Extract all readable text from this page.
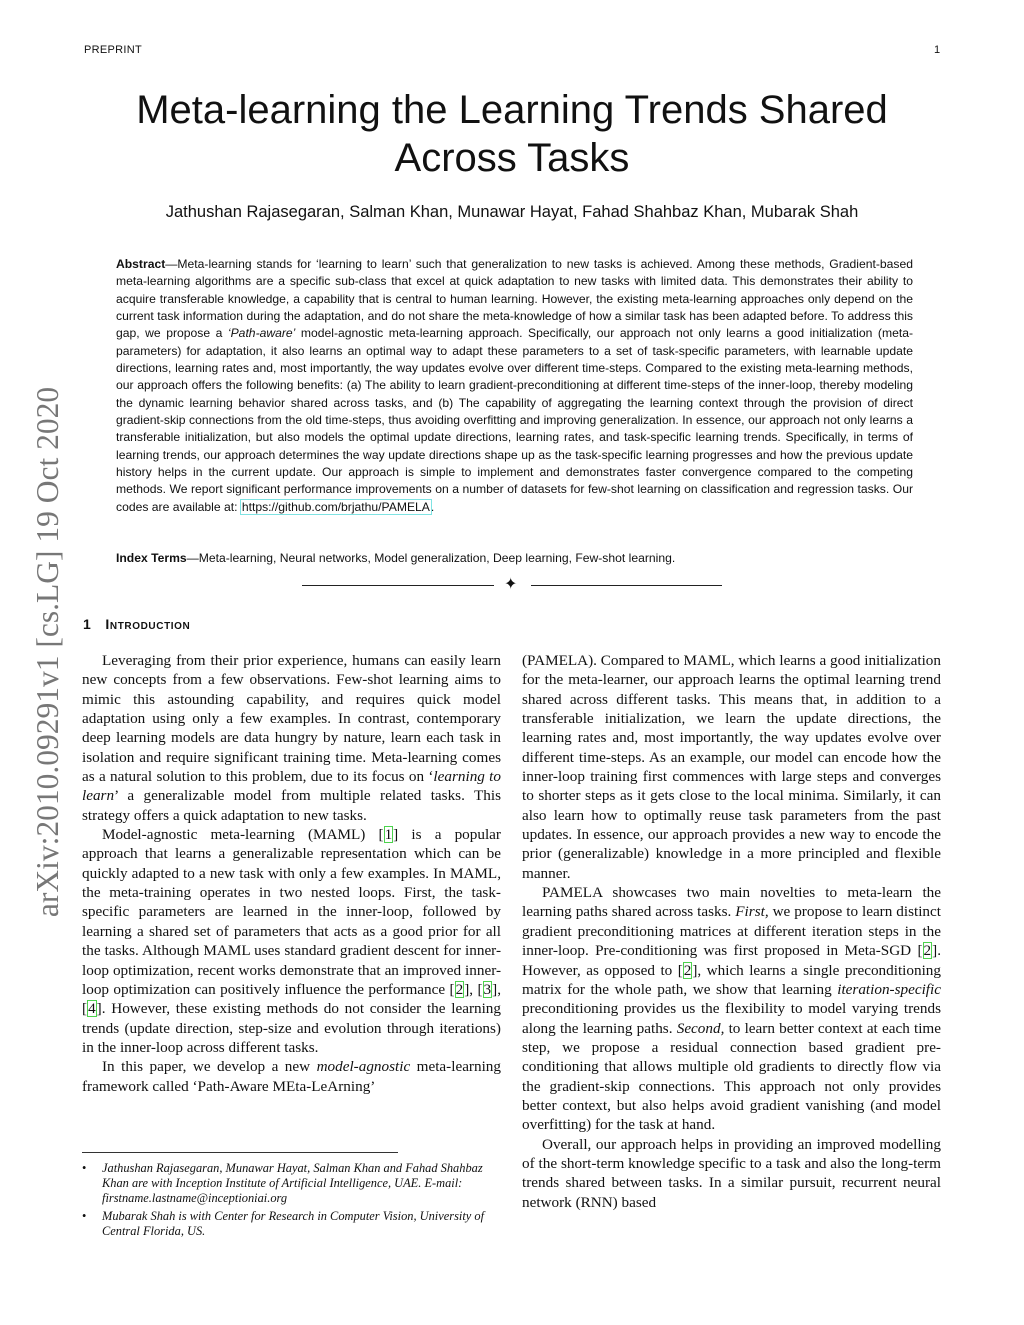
PREPRINT	1
arXiv:2010.09291v1 [cs.LG] 19 Oct 2020
Meta-learning the Learning Trends Shared
Across Tasks
Jathushan Rajasegaran, Salman Khan, Munawar Hayat, Fahad Shahbaz Khan, Mubarak Shah

Abstract—Meta-learning stands for ‘learning to learn’ such that generalization to new tasks is achieved. Among these methods, Gradient-based meta-learning algorithms are a specific sub-class that excel at quick adaptation to new tasks with limited data. This demonstrates their ability to acquire transferable knowledge, a capability that is central to human learning. However, the existing meta-learning approaches only depend on the current task information during the adaptation, and do not share the meta-knowledge of how a similar task has been adapted before. To address this gap, we propose a ‘Path-aware’ model-agnostic meta-learning approach. Specifically, our approach not only learns a good initialization (meta-parameters) for adaptation, it also learns an optimal way to adapt these parameters to a set of task-specific parameters, with learnable update directions, learning rates and, most importantly, the way updates evolve over different time-steps. Compared to the existing meta-learning methods, our approach offers the following benefits: (a) The ability to learn gradient-preconditioning at different time-steps of the inner-loop, thereby modeling the dynamic learning behavior shared across tasks, and (b) The capability of aggregating the learning context through the provision of direct gradient-skip connections from the old time-steps, thus avoiding overfitting and improving generalization. In essence, our approach not only learns a transferable initialization, but also models the optimal update directions, learning rates, and task-specific learning trends. Specifically, in terms of learning trends, our approach determines the way update directions shape up as the task-specific learning progresses and how the previous update history helps in the current update. Our approach is simple to implement and demonstrates faster convergence compared to the competing methods. We report significant performance improvements on a number of datasets for few-shot learning on classification and regression tasks. Our codes are available at: https://github.com/brjathu/PAMELA.

Index Terms—Meta-learning, Neural networks, Model generalization, Deep learning, Few-shot learning.
✦
1 Introduction

Leveraging from their prior experience, humans can easily learn new concepts from a few observations. Few-shot learning aims to mimic this astounding capability, and requires quick model adaptation using only a few examples. In contrast, contemporary deep learning models are data hungry by nature, learn each task in isolation and require significant training time. Meta-learning comes as a natural solution to this problem, due to its focus on ‘learning to learn’ a generalizable model from multiple related tasks. This strategy offers a quick adaptation to new tasks.

Model-agnostic meta-learning (MAML) [1] is a popular approach that learns a generalizable representation which can be quickly adapted to a new task with only a few examples. In MAML, the meta-training operates in two nested loops. First, the task-specific parameters are learned in the inner-loop, followed by learning a shared set of parameters that acts as a good prior for all the tasks. Although MAML uses standard gradient descent for inner-loop optimization, recent works demonstrate that an improved inner-loop optimization can positively influence the performance [2], [3], [4]. However, these existing methods do not consider the learning trends (update direction, step-size and evolution through iterations) in the inner-loop across different tasks.

In this paper, we develop a new model-agnostic meta-learning framework called ‘Path-Aware MEta-LeArning’

(PAMELA). Compared to MAML, which learns a good initialization for the meta-learner, our approach learns the optimal learning trend shared across different tasks. This means that, in addition to a transferable initialization, we learn the update directions, the learning rates and, most importantly, the way updates evolve over different time-steps. As an example, our model can encode how the inner-loop training first commences with large steps and converges to shorter steps as it gets close to the local minima. Similarly, it can also learn how to optimally reuse task parameters from the past updates. In essence, our approach provides a new way to encode the prior (generalizable) knowledge in a more principled and flexible manner.

PAMELA showcases two main novelties to meta-learn the learning paths shared across tasks. First, we propose to learn distinct gradient preconditioning matrices at different iteration steps in the inner-loop. Pre-conditioning was first proposed in Meta-SGD [2]. However, as opposed to [2], which learns a single preconditioning matrix for the whole path, we show that learning iteration-specific preconditioning provides us the flexibility to model varying trends along the learning paths. Second, to learn better context at each time step, we propose a residual connection based gradient pre-conditioning that allows multiple old gradients to directly flow via the gradient-skip connections. This approach not only provides better context, but also helps avoid gradient vanishing (and model overfitting) for the task at hand.

Overall, our approach helps in providing an improved modelling of the short-term knowledge specific to a task and also the long-term trends shared between tasks. In a similar pursuit, recurrent neural network (RNN) based

• Jathushan Rajasegaran, Munawar Hayat, Salman Khan and Fahad Shahbaz Khan are with Inception Institute of Artificial Intelligence, UAE. E-mail: firstname.lastname@inceptioniai.org
• Mubarak Shah is with Center for Research in Computer Vision, University of Central Florida, US.
